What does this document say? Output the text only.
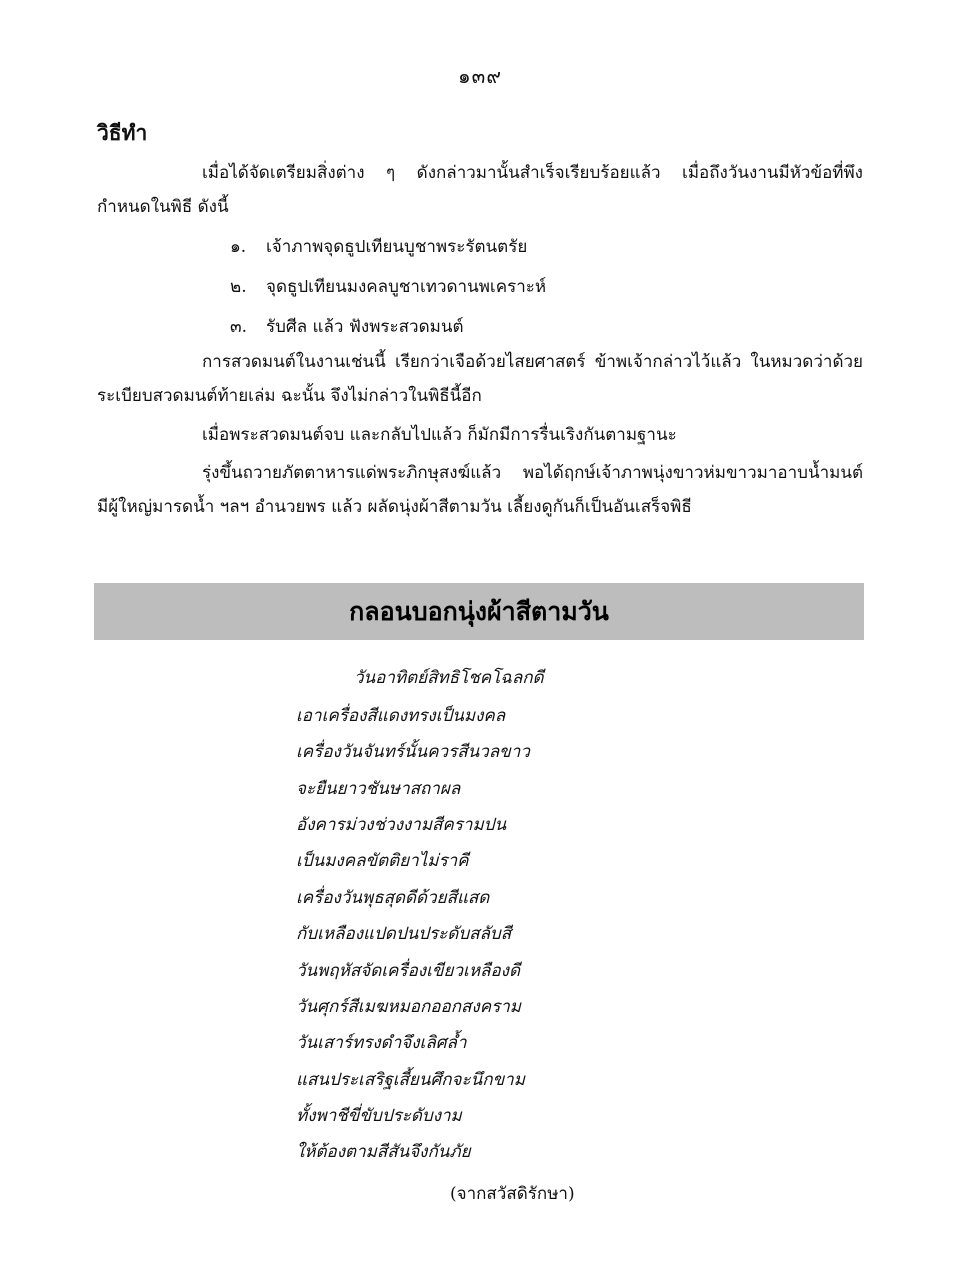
๑๓๙
วิธีทำ
เมื่อได้จัดเตรียมสิ่งต่าง ๆ ดังกล่าวมานั้นสำเร็จเรียบร้อยแล้ว เมื่อถึงวันงานมีหัวข้อที่พึงกำหนดในพิธี ดังนี้
๑. เจ้าภาพจุดธูปเทียนบูชาพระรัตนตรัย
๒. จุดธูปเทียนมงคลบูชาเทวดานพเคราะห์
๓. รับศีล แล้ว ฟังพระสวดมนต์
การสวดมนต์ในงานเช่นนี้ เรียกว่าเจือด้วยไสยศาสตร์ ข้าพเจ้ากล่าวไว้แล้ว ในหมวดว่าด้วยระเบียบสวดมนต์ท้ายเล่ม ฉะนั้น จึงไม่กล่าวในพิธีนี้อีก
เมื่อพระสวดมนต์จบ และกลับไปแล้ว ก็มักมีการรื่นเริงกันตามฐานะ
รุ่งขึ้นถวายภัตตาหารแด่พระภิกษุสงฆ์แล้ว พอได้ฤกษ์เจ้าภาพนุ่งขาวห่มขาวมาอาบน้ำมนต์ มีผู้ใหญ่มารดน้ำ ฯลฯ อำนวยพร แล้ว ผลัดนุ่งผ้าสีตามวัน เลี้ยงดูกันก็เป็นอันเสร็จพิธี
กลอนบอกนุ่งผ้าสีตามวัน
วันอาทิตย์สิทธิโชคโฉลกดี
เอาเครื่องสีแดงทรงเป็นมงคล
เครื่องวันจันทร์นั้นควรสีนวลขาว
จะยืนยาวชันษาสถาผล
อังคารม่วงช่วงงามสีครามปน
เป็นมงคลขัตติยาไม่ราคี
เครื่องวันพุธสุดดีด้วยสีแสด
กับเหลืองแปดปนประดับสลับสี
วันพฤหัสจัดเครื่องเขียวเหลืองดี
วันศุกร์สีเมฆหมอกออกสงคราม
วันเสาร์ทรงดำจึงเลิศล้ำ
แสนประเสริฐเสี้ยนศึกจะนึกขาม
ทั้งพาชีขี่ขับประดับงาม
ให้ต้องตามสีสันจึงกันภัย
(จากสวัสดิรักษา)
